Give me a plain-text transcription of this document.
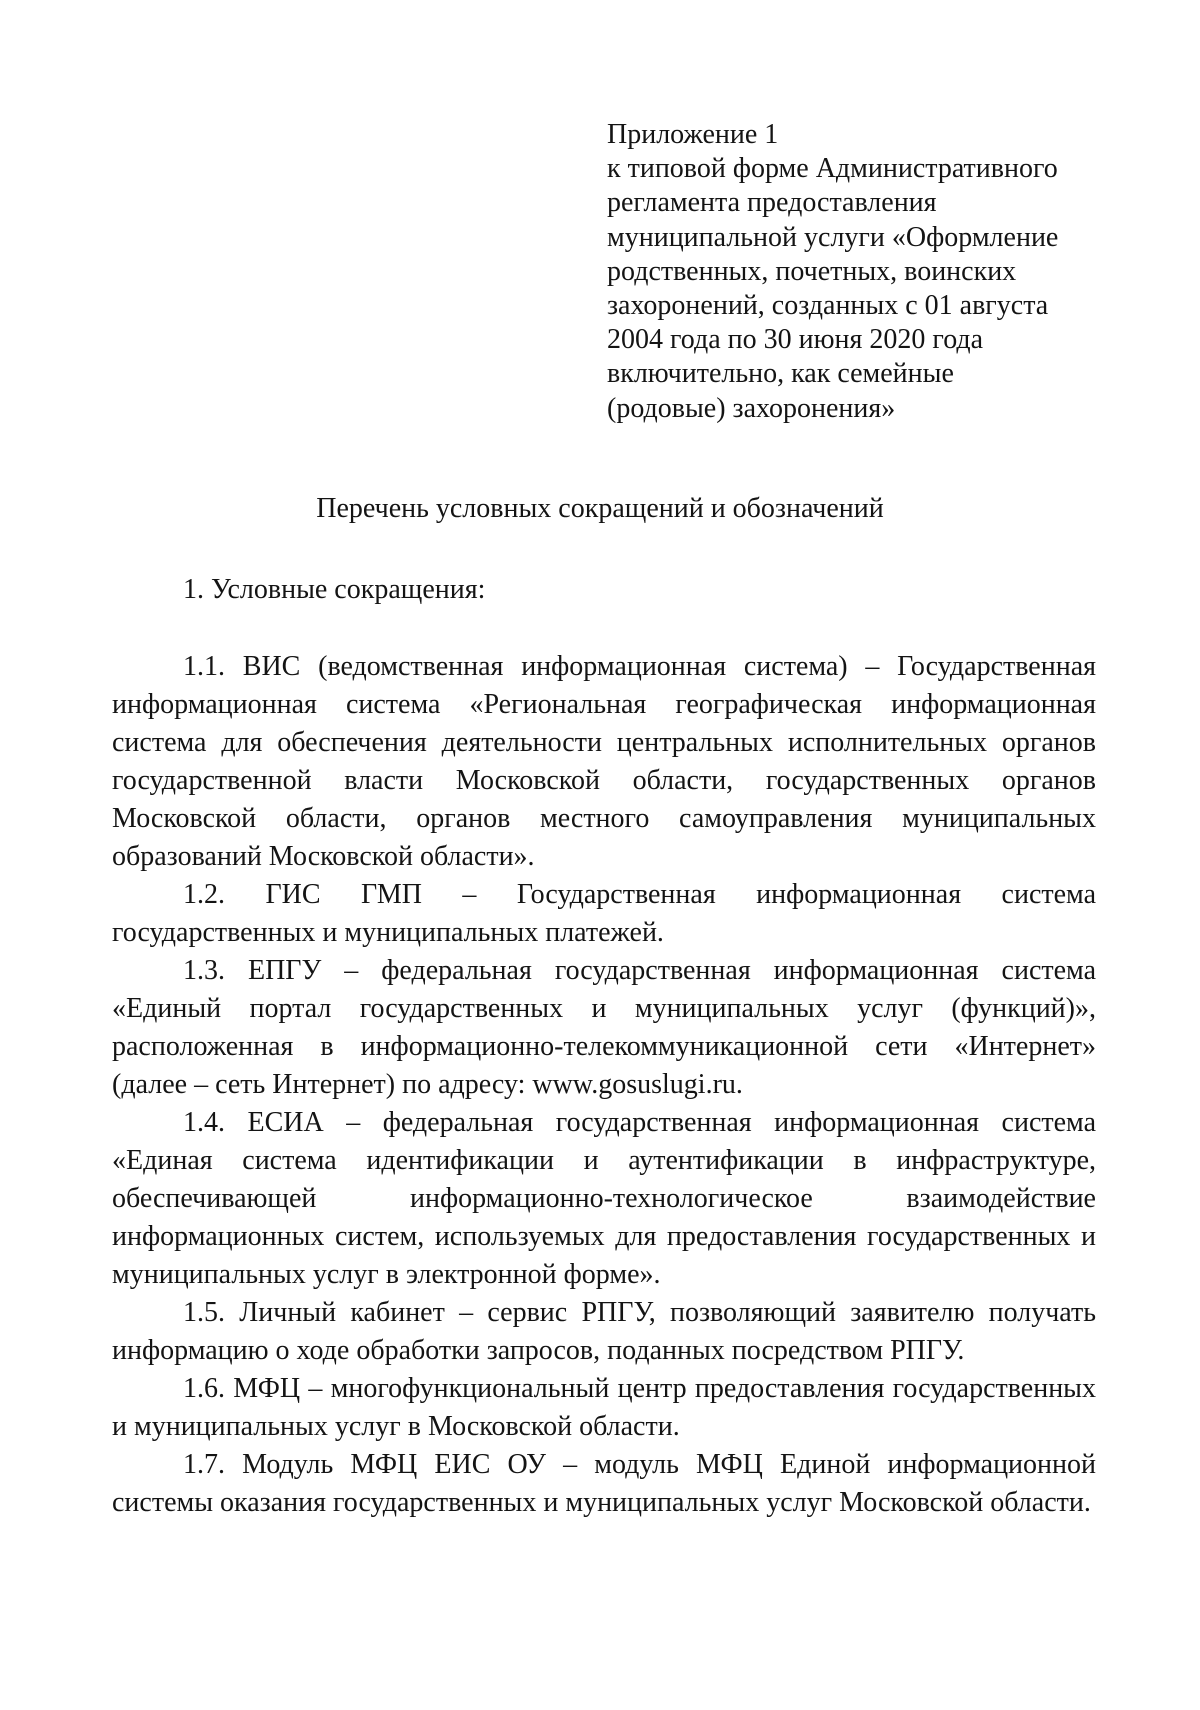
Приложение 1
к типовой форме Административного
регламента предоставления
муниципальной услуги «Оформление
родственных, почетных, воинских
захоронений, созданных с 01 августа
2004 года по 30 июня 2020 года
включительно, как семейные
(родовые) захоронения»
Перечень условных сокращений и обозначений
1. Условные сокращения:

1.1. ВИС (ведомственная информационная система) – Государственная информационная система «Региональная географическая информационная система для обеспечения деятельности центральных исполнительных органов государственной власти Московской области, государственных органов Московской области, органов местного самоуправления муниципальных образований Московской области».

1.2. ГИС ГМП – Государственная информационная система государственных и муниципальных платежей.

1.3. ЕПГУ – федеральная государственная информационная система «Единый портал государственных и муниципальных услуг (функций)», расположенная в информационно-телекоммуникационной сети «Интернет» (далее – сеть Интернет) по адресу: www.gosuslugi.ru.

1.4. ЕСИА – федеральная государственная информационная система «Единая система идентификации и аутентификации в инфраструктуре, обеспечивающей информационно-технологическое взаимодействие информационных систем, используемых для предоставления государственных и муниципальных услуг в электронной форме».

1.5. Личный кабинет – сервис РПГУ, позволяющий заявителю получать информацию о ходе обработки запросов, поданных посредством РПГУ.

1.6. МФЦ – многофункциональный центр предоставления государственных и муниципальных услуг в Московской области.

1.7. Модуль МФЦ ЕИС ОУ – модуль МФЦ Единой информационной системы оказания государственных и муниципальных услуг Московской области.
